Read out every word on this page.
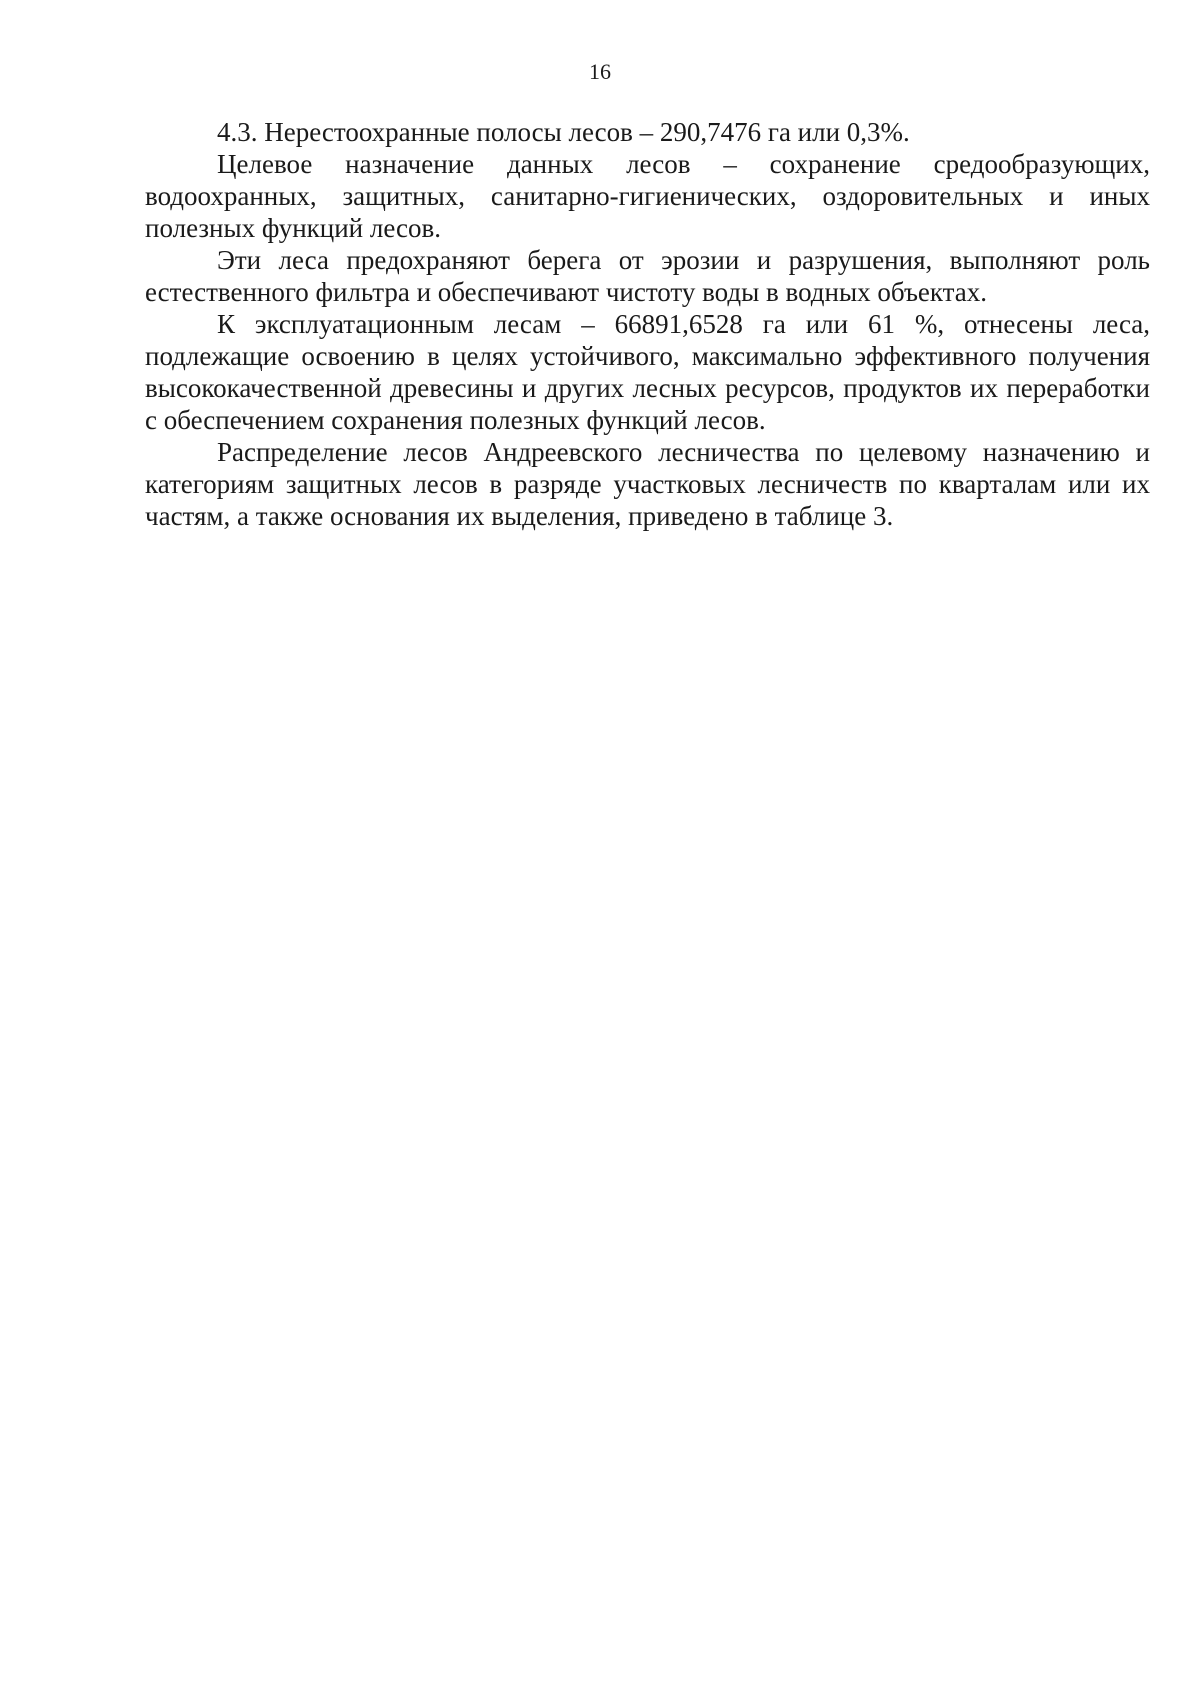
16

4.3. Нерестоохранные полосы лесов – 290,7476 га или 0,3%.

Целевое назначение данных лесов – сохранение средообразующих, водоохранных, защитных, санитарно-гигиенических, оздоровительных и иных полезных функций лесов.

Эти леса предохраняют берега от эрозии и разрушения, выполняют роль естественного фильтра и обеспечивают чистоту воды в водных объектах.

К эксплуатационным лесам – 66891,6528 га или 61 %, отнесены леса, подлежащие освоению в целях устойчивого, максимально эффективного получения высококачественной древесины и других лесных ресурсов, продуктов их переработки с обеспечением сохранения полезных функций лесов.

Распределение лесов Андреевского лесничества по целевому назначению и категориям защитных лесов в разряде участковых лесничеств по кварталам или их частям, а также основания их выделения, приведено в таблице 3.
